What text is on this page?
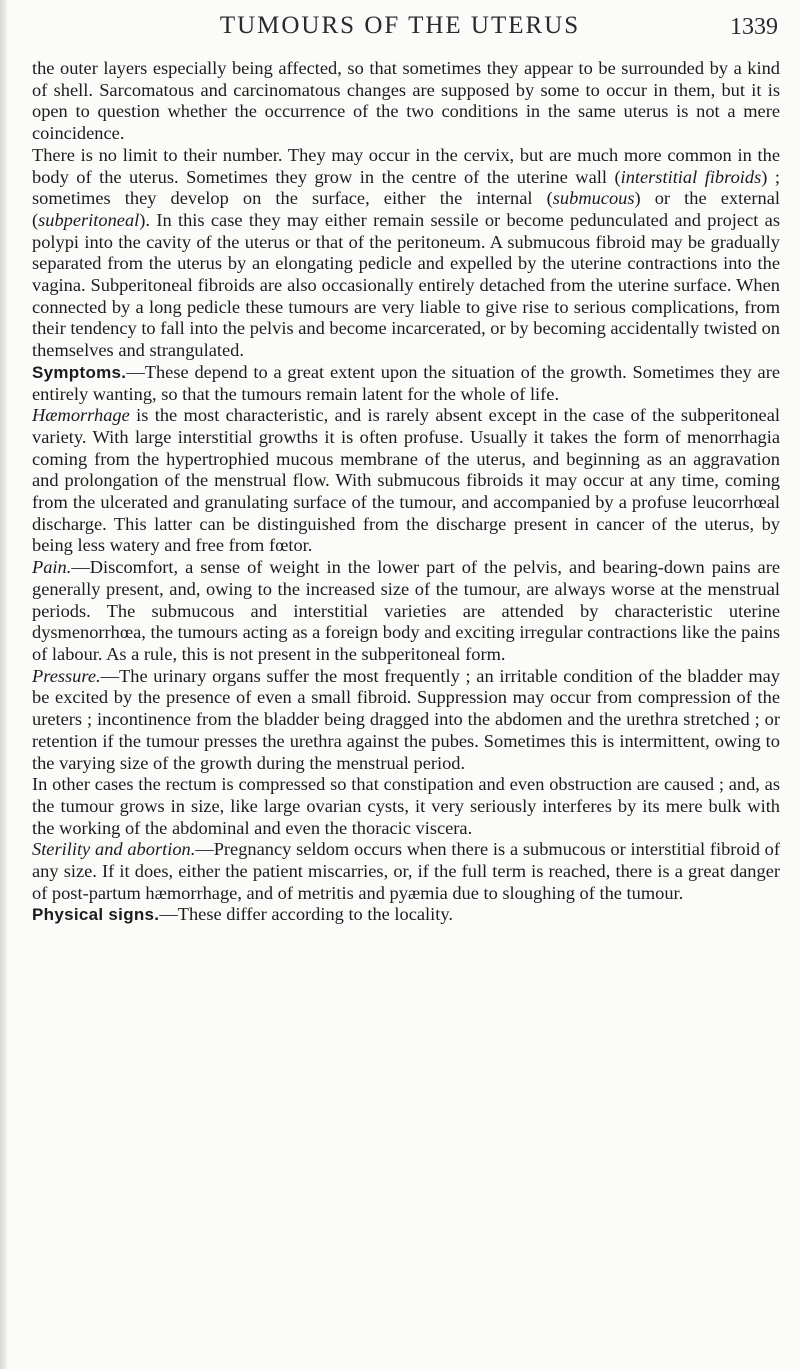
TUMOURS OF THE UTERUS	1339

the outer layers especially being affected, so that sometimes they appear to be surrounded by a kind of shell. Sarcomatous and carcinomatous changes are supposed by some to occur in them, but it is open to question whether the occurrence of the two conditions in the same uterus is not a mere coincidence.

There is no limit to their number. They may occur in the cervix, but are much more common in the body of the uterus. Sometimes they grow in the centre of the uterine wall (interstitial fibroids) ; sometimes they develop on the surface, either the internal (submucous) or the external (subperitoneal). In this case they may either remain sessile or become pedunculated and project as polypi into the cavity of the uterus or that of the peritoneum. A submucous fibroid may be gradually separated from the uterus by an elongating pedicle and expelled by the uterine contractions into the vagina. Subperitoneal fibroids are also occasionally entirely detached from the uterine surface. When connected by a long pedicle these tumours are very liable to give rise to serious complications, from their tendency to fall into the pelvis and become incarcerated, or by becoming accidentally twisted on themselves and strangulated.

Symptoms.—These depend to a great extent upon the situation of the growth. Sometimes they are entirely wanting, so that the tumours remain latent for the whole of life.

Hæmorrhage is the most characteristic, and is rarely absent except in the case of the subperitoneal variety. With large interstitial growths it is often profuse. Usually it takes the form of menorrhagia coming from the hypertrophied mucous membrane of the uterus, and beginning as an aggravation and prolongation of the menstrual flow. With submucous fibroids it may occur at any time, coming from the ulcerated and granulating surface of the tumour, and accompanied by a profuse leucorrhœal discharge. This latter can be distinguished from the discharge present in cancer of the uterus, by being less watery and free from fœtor.

Pain.—Discomfort, a sense of weight in the lower part of the pelvis, and bearing-down pains are generally present, and, owing to the increased size of the tumour, are always worse at the menstrual periods. The submucous and interstitial varieties are attended by characteristic uterine dysmenorrhœa, the tumours acting as a foreign body and exciting irregular contractions like the pains of labour. As a rule, this is not present in the subperitoneal form.

Pressure.—The urinary organs suffer the most frequently ; an irritable condition of the bladder may be excited by the presence of even a small fibroid. Suppression may occur from compression of the ureters ; incontinence from the bladder being dragged into the abdomen and the urethra stretched ; or retention if the tumour presses the urethra against the pubes. Sometimes this is intermittent, owing to the varying size of the growth during the menstrual period.

In other cases the rectum is compressed so that constipation and even obstruction are caused ; and, as the tumour grows in size, like large ovarian cysts, it very seriously interferes by its mere bulk with the working of the abdominal and even the thoracic viscera.

Sterility and abortion.—Pregnancy seldom occurs when there is a submucous or interstitial fibroid of any size. If it does, either the patient miscarries, or, if the full term is reached, there is a great danger of post-partum hæmorrhage, and of metritis and pyæmia due to sloughing of the tumour.

Physical signs.—These differ according to the locality.
